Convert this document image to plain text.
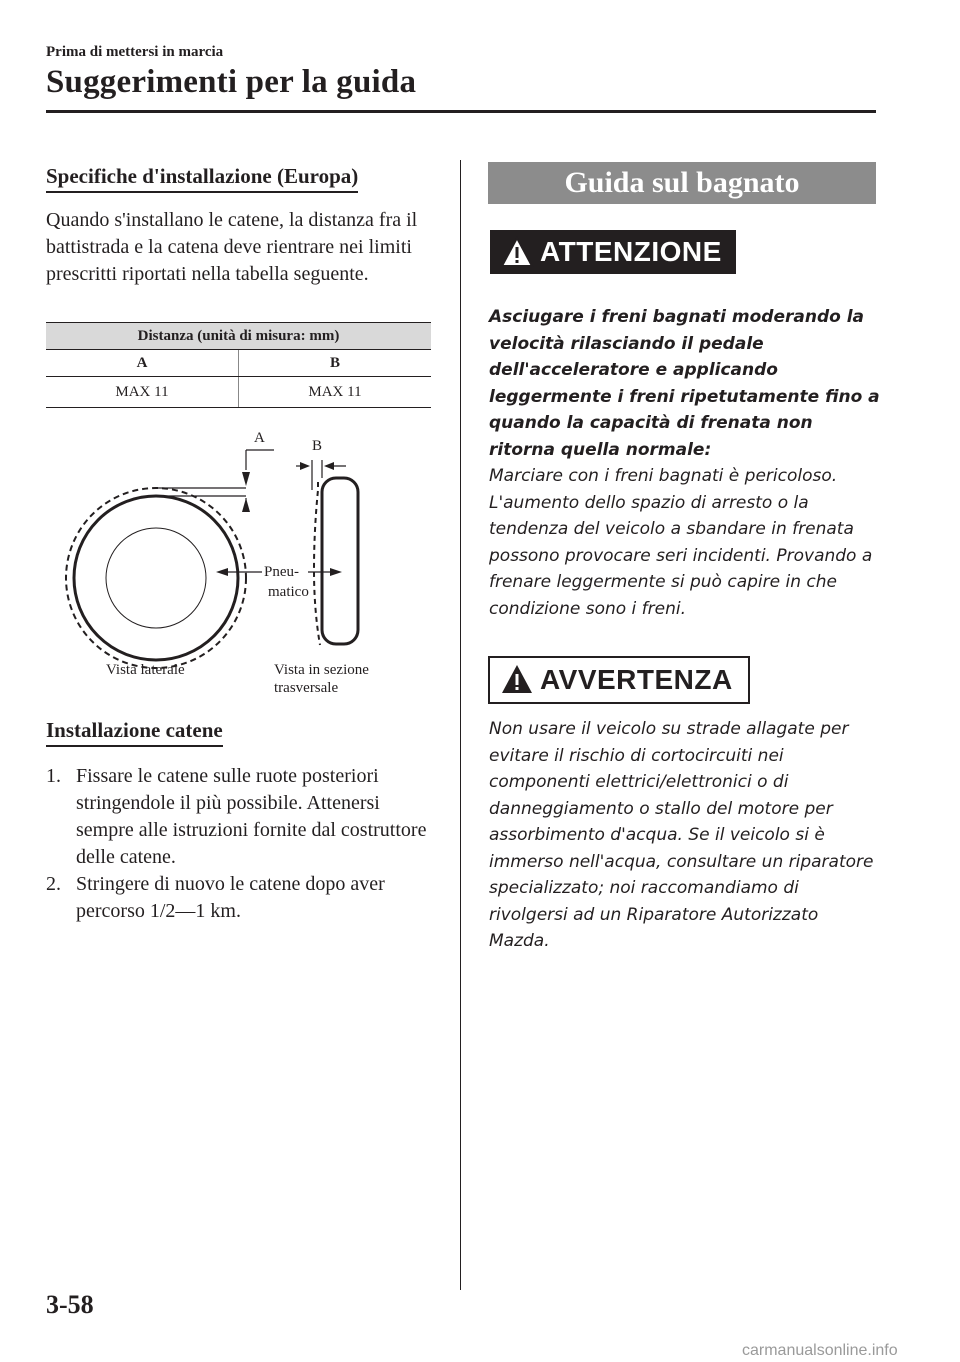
Prima di mettersi in marcia
Suggerimenti per la guida
Specifiche d'installazione (Europa)
Quando s'installano le catene, la distanza fra il battistrada e la catena deve rientrare nei limiti prescritti riportati nella tabella seguente.
Distanza (unità di misura: mm)	
A	B
MAX 11	MAX 11
A	B
Pneu-
matico
Vista laterale	Vista in sezione
trasversale
Installazione catene
1. Fissare le catene sulle ruote posteriori stringendole il più possibile. Attenersi sempre alle istruzioni fornite dal costruttore delle catene.
2. Stringere di nuovo le catene dopo aver percorso 1/2―1 km.
Guida sul bagnato
ATTENZIONE
Asciugare i freni bagnati moderando la velocità rilasciando il pedale dell'acceleratore e applicando leggermente i freni ripetutamente fino a quando la capacità di frenata non ritorna quella normale:
Marciare con i freni bagnati è pericoloso. L'aumento dello spazio di arresto o la tendenza del veicolo a sbandare in frenata possono provocare seri incidenti. Provando a frenare leggermente si può capire in che condizione sono i freni.
AVVERTENZA
Non usare il veicolo su strade allagate per evitare il rischio di cortocircuiti nei componenti elettrici/elettronici o di danneggiamento o stallo del motore per assorbimento d'acqua. Se il veicolo si è immerso nell'acqua, consultare un riparatore specializzato; noi raccomandiamo di rivolgersi ad un Riparatore Autorizzato Mazda.
3-58
carmanualsonline.info
